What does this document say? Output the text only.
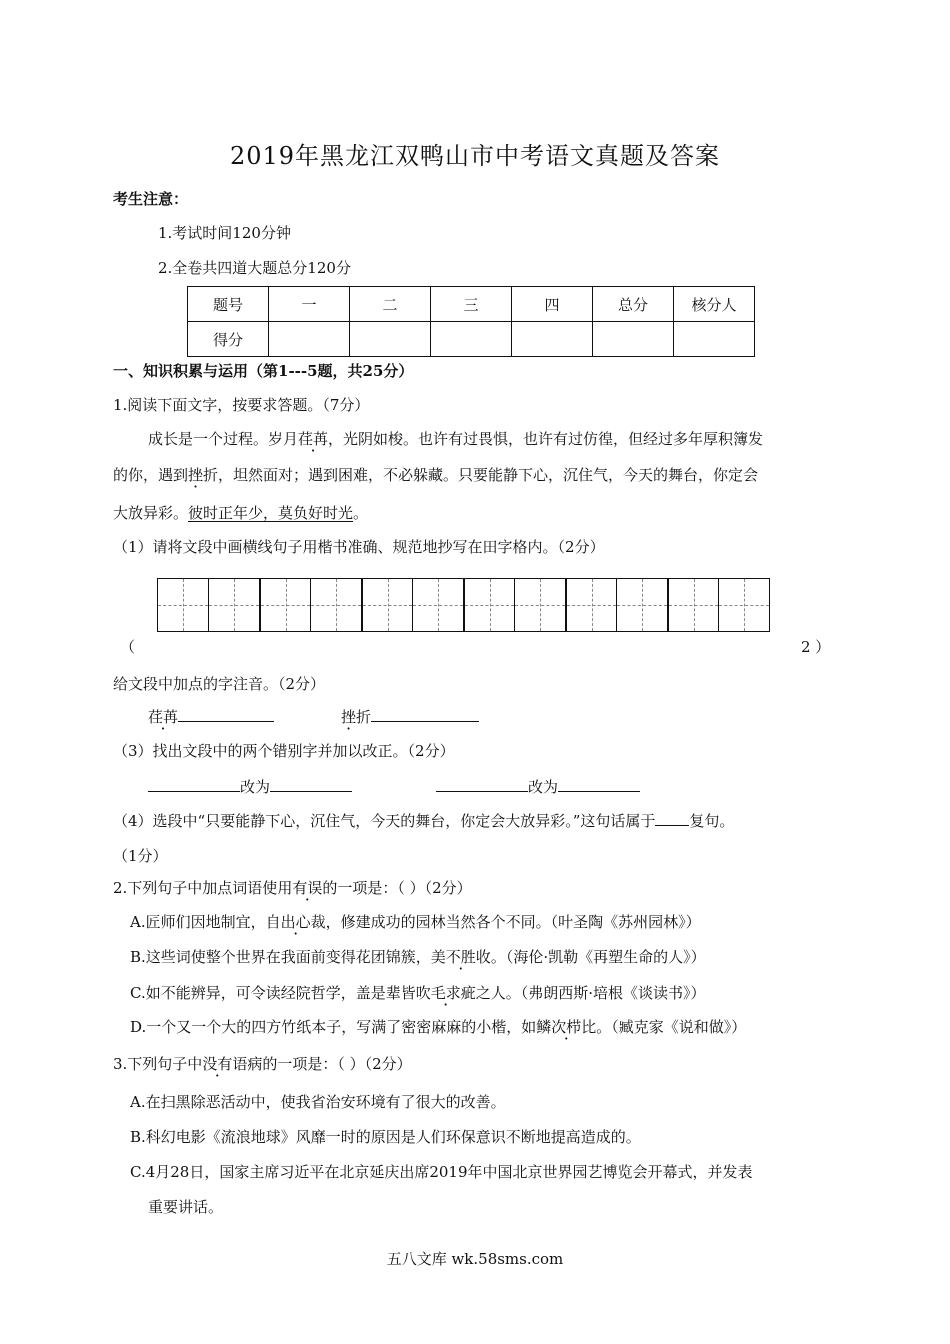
2019年黑龙江双鸭山市中考语文真题及答案
考生注意：
1.考试时间120分钟
2.全卷共四道大题总分120分
题号	一	二	三	四	总分	核分人
得分						
一、知识积累与运用（第1---5题，共25分）
1.阅读下面文字，按要求答题。（7分）
成长是一个过程。岁月荏苒，光阴如梭。也许有过畏惧，也许有过仿徨，但经过多年厚积簿发
的你，遇到挫折，坦然面对；遇到困难，不必躲藏。只要能静下心，沉住气，今天的舞台，你定会
大放异彩。彼时正年少，莫负好时光。
（1）请将文段中画横线句子用楷书准确、规范地抄写在田字格内。（2分）
（	2 ）
给文段中加点的字注音。（2分）
荏苒	挫折
（3）找出文段中的两个错别字并加以改正。（2分）
改为	改为
（4）选段中“只要能静下心，沉住气，今天的舞台，你定会大放异彩。”这句话属于 复句。
（1分）
2.下列句子中加点词语使用有误的一项是：（ ）（2分）
A.匠师们因地制宜，自出心裁，修建成功的园林当然各个不同。（叶圣陶《苏州园林》）
B.这些词使整个世界在我面前变得花团锦簇，美不胜收。（海伦·凯勒《再塑生命的人》）
C.如不能辨异，可令读经院哲学，盖是辈皆吹毛求疵之人。（弗朗西斯·培根《谈读书》）
D.一个又一个大的四方竹纸本子，写满了密密麻麻的小楷，如鳞次栉比。（臧克家《说和做》）
3.下列句子中没有语病的一项是：（ ）（2分）
A.在扫黑除恶活动中，使我省治安环境有了很大的改善。
B.科幻电影《流浪地球》风靡一时的原因是人们环保意识不断地提高造成的。
C.4月28日，国家主席习近平在北京延庆出席2019年中国北京世界园艺博览会开幕式，并发表
重要讲话。
五八文库 wk.58sms.com
